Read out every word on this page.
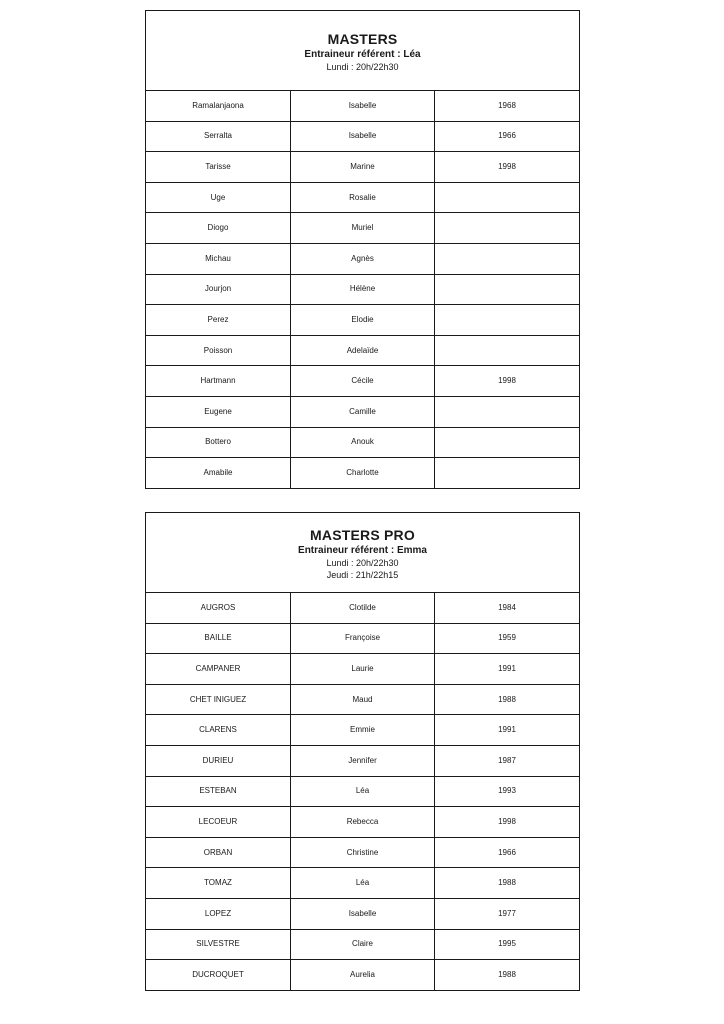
MASTERS
Entraineur référent : Léa
Lundi : 20h/22h30		

Ramalanjaona	Isabelle	1968
Serralta	Isabelle	1966
Tarisse	Marine	1998
Uge	Rosalie	
Diogo	Muriel	
Michau	Agnès	
Jourjon	Hélène	
Perez	Elodie	
Poisson	Adelaïde	
Hartmann	Cécile	1998
Eugene	Camille	
Bottero	Anouk	
Amabile	Charlotte	
MASTERS PRO
Entraineur référent : Emma
Lundi : 20h/22h30
Jeudi : 21h/22h15		

AUGROS	Clotilde	1984
BAILLE	Françoise	1959
CAMPANER	Laurie	1991
CHET INIGUEZ	Maud	1988
CLARENS	Emmie	1991
DURIEU	Jennifer	1987
ESTEBAN	Léa	1993
LECOEUR	Rebecca	1998
ORBAN	Christine	1966
TOMAZ	Léa	1988
LOPEZ	Isabelle	1977
SILVESTRE	Claire	1995
DUCROQUET	Aurelia	1988
